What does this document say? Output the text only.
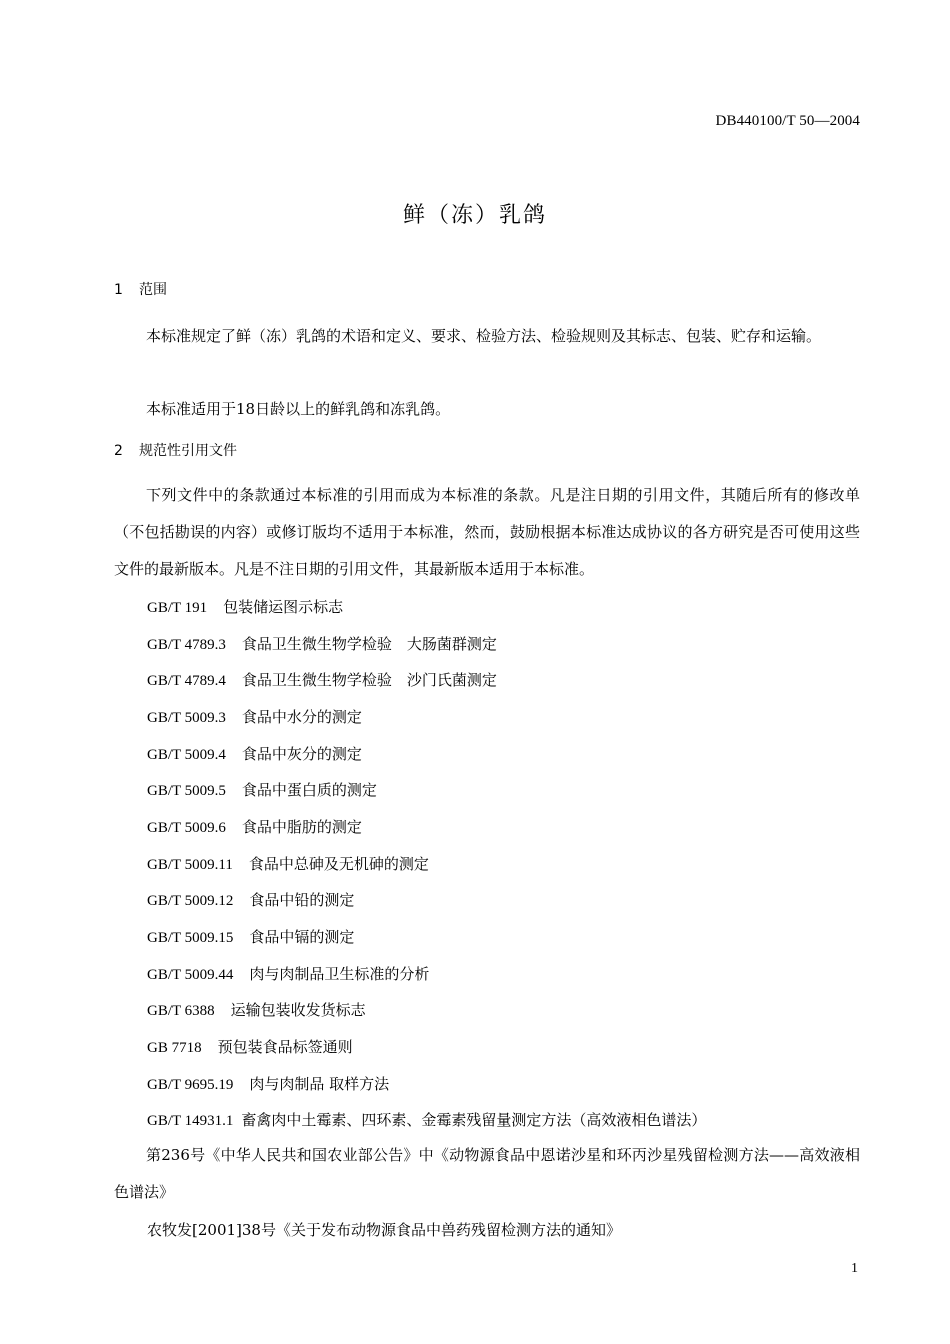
DB440100/T 50—2004
鲜（冻）乳鸽
1 范围
本标准规定了鲜（冻）乳鸽的术语和定义、要求、检验方法、检验规则及其标志、包装、贮存和运输。
本标准适用于18日龄以上的鲜乳鸽和冻乳鸽。
2 规范性引用文件
下列文件中的条款通过本标准的引用而成为本标准的条款。凡是注日期的引用文件，其随后所有的修改单（不包括勘误的内容）或修订版均不适用于本标准，然而，鼓励根据本标准达成协议的各方研究是否可使用这些文件的最新版本。凡是不注日期的引用文件，其最新版本适用于本标准。
GB/T 191 包装储运图示标志
GB/T 4789.3 食品卫生微生物学检验　大肠菌群测定
GB/T 4789.4 食品卫生微生物学检验　沙门氏菌测定
GB/T 5009.3 食品中水分的测定
GB/T 5009.4 食品中灰分的测定
GB/T 5009.5 食品中蛋白质的测定
GB/T 5009.6 食品中脂肪的测定
GB/T 5009.11 食品中总砷及无机砷的测定
GB/T 5009.12 食品中铅的测定
GB/T 5009.15 食品中镉的测定
GB/T 5009.44 肉与肉制品卫生标准的分析
GB/T 6388 运输包装收发货标志
GB 7718 预包装食品标签通则
GB/T 9695.19 肉与肉制品 取样方法
GB/T 14931.1 畜禽肉中土霉素、四环素、金霉素残留量测定方法（高效液相色谱法）
第236号《中华人民共和国农业部公告》中《动物源食品中恩诺沙星和环丙沙星残留检测方法——高效液相色谱法》
农牧发[2001]38号《关于发布动物源食品中兽药残留检测方法的通知》
1
